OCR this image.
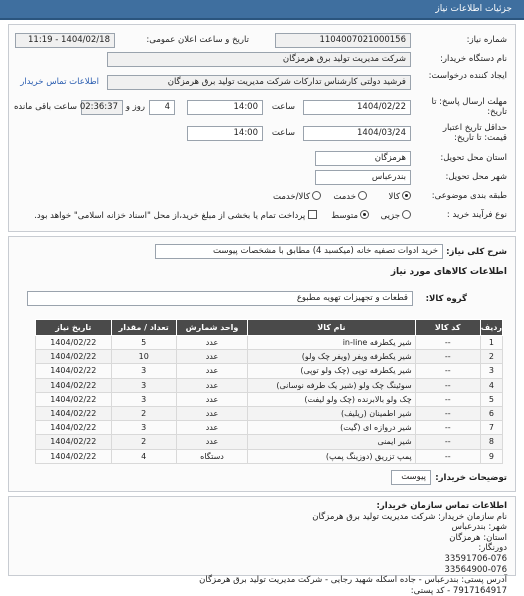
جزئیات اطلاعات نیاز
شماره نیاز:
1104007021000156
تاریخ و ساعت اعلان عمومی:
1404/02/18 - 11:19
نام دستگاه خریدار:
شرکت مدیریت تولید برق هرمزگان
ایجاد کننده درخواست:
فرشید دولتی کارشناس تدارکات شرکت مدیریت تولید برق هرمزگان
اطلاعات تماس خریدار
مهلت ارسال پاسخ: تا تاریخ:
1404/02/22
ساعت
14:00
4
روز و
02:36:37
ساعت باقی مانده
حداقل تاریخ اعتبار قیمت: تا تاریخ:
1404/03/24
ساعت
14:00
استان محل تحویل:
هرمزگان
شهر محل تحویل:
بندرعباس
طبقه بندی موضوعی:
کالا
خدمت
کالا/خدمت
نوع فرآیند خرید :
جزیی
متوسط
پرداخت تمام یا بخشی از مبلغ خرید،از محل "اسناد خزانه اسلامی" خواهد بود.
شرح کلی نیاز:
خرید ادوات تصفیه خانه (میکسبد 4) مطابق با مشخصات پیوست
اطلاعات کالاهای مورد نیاز
گروه کالا:
قطعات و تجهیزات تهویه مطبوع
ردیف	کد کالا	نام کالا	واحد شمارش	تعداد / مقدار	تاریخ نیاز
1	--	شیر یکطرفه in-line	عدد	5	1404/02/22
2	--	شیر یکطرفه ویفر (ویفر چک ولو)	عدد	10	1404/02/22
3	--	شیر یکطرفه توپی (چک ولو توپی)	عدد	3	1404/02/22
4	--	سوئینگ چک ولو (شیر یک طرفه نوسانی)	عدد	3	1404/02/22
5	--	چک ولو بالابرنده (چک ولو لیفت)	عدد	3	1404/02/22
6	--	شیر اطمینان (ریلیف)	عدد	2	1404/02/22
7	--	شیر دروازه ای (گیت)	عدد	3	1404/02/22
8	--	شیر ایمنی	عدد	2	1404/02/22
9	--	پمپ تزریق (دوزینگ پمپ)	دستگاه	4	1404/02/22
توضیحات خریدار:
پیوست
اطلاعات تماس سازمان خریدار:
نام سازمان خریدار: شرکت مدیریت تولید برق هرمزگان
شهر: بندرعباس
استان: هرمزگان
دورنگار:
33591706-076
33564900-076
آدرس پستی: بندرعباس - جاده اسکله شهید رجایی - شرکت مدیریت تولید برق هرمزگان
7917164917 - کد پستی:
